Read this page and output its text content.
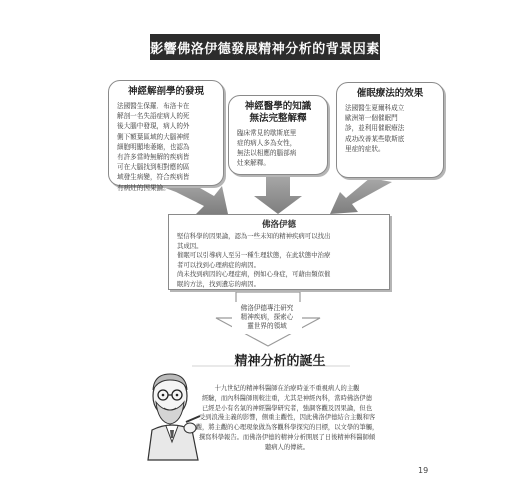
影響佛洛伊德發展精神分析的背景因素
神經解剖學的發現

法國醫生保羅．布洛卡在
解剖一名失語症病人的死
後大腦中發現，病人的外
側下額葉區域的大腦神經
細胞明顯地萎縮，也認為
有許多當時無解的疾病皆
可在大腦找到相對應的區
域發生病變，符合疾病皆
有病灶的因果論。

神經醫學的知識
無法完整解釋

臨床常見的歇斯底里
症的病人多為女性，
無法以相應的腦部病
灶來解釋。

催眠療法的效果

法國醫生夏爾科成立
歐洲第一個催眠門
診，並利用催眠療法
成功改善某些歇斯底
里症的症狀。

佛洛伊德

堅信科學的因果論，認為一些未知的精神疾病可以找出
其成因。
催眠可以引導病人至另一種生理狀態，在此狀態中治療
者可以找到心理病症的病因。
尚未找到病因的心理症病，例如心身症，可藉由類似催
眠的方法，找到遺忘的病因。

佛洛伊德專注研究
精神疾病，探索心
靈世界的領域

精神分析的誕生
十九世紀的精神科醫師在治療時並不重視病人的主觀
經驗，而內科醫師則較注重，尤其是神經內科，當時佛洛伊德
已經是小有名氣的神經醫學研究者，強調客觀及因果論，但也
受到浪漫主義的影響，側重主觀性，因此佛洛伊德結合主觀和客
觀，將主觀的心理現象做為客觀科學探究的目標，以文學的筆觸，
撰寫科學報告。而佛洛伊德的精神分析開展了日後精神科醫師傾
聽病人的傳統。
19
